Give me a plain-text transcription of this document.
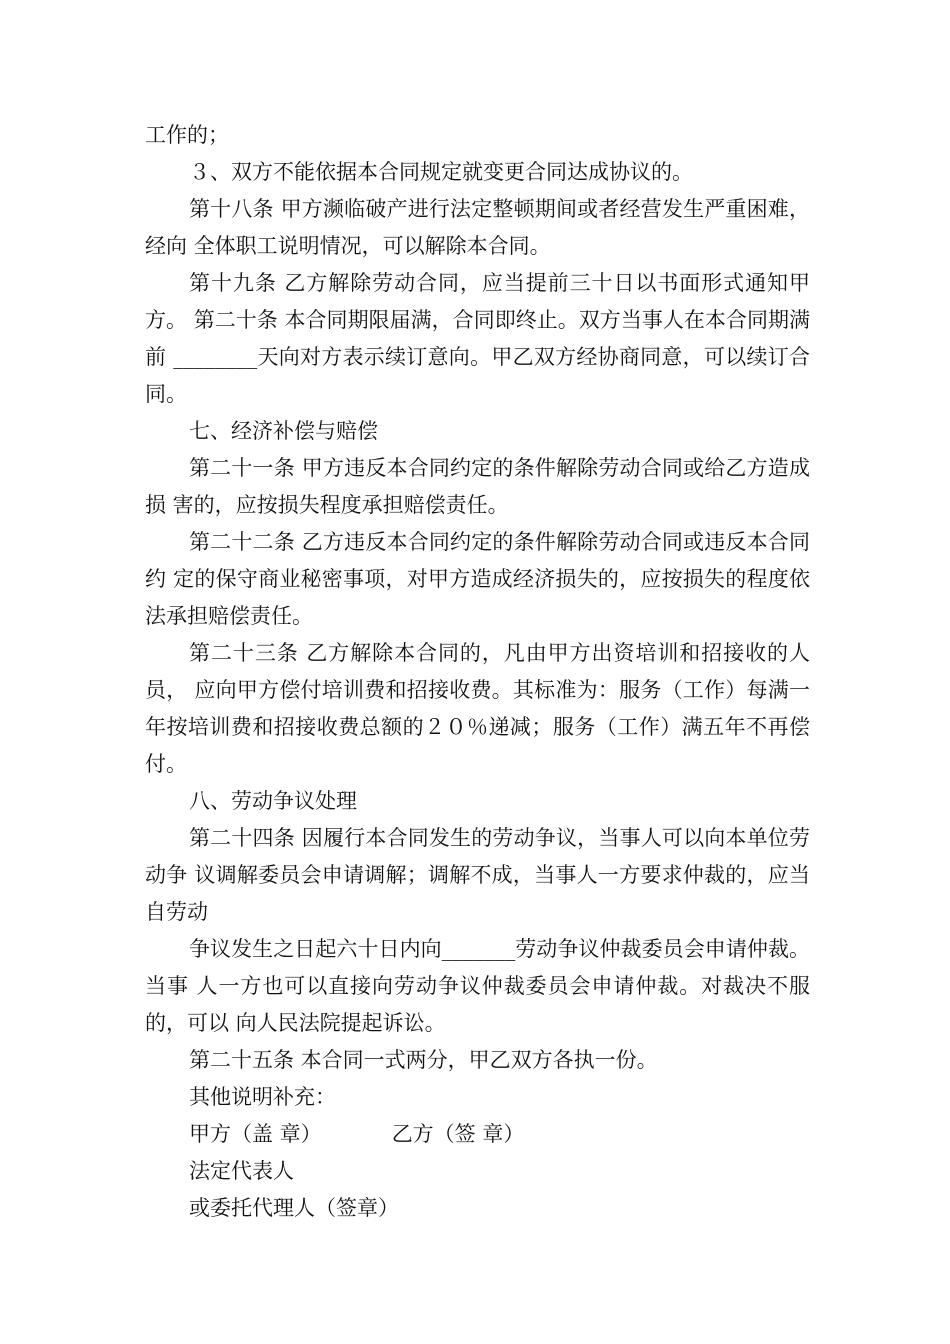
工作的；

３、双方不能依据本合同规定就变更合同达成协议的。

第十八条 甲方濒临破产进行法定整顿期间或者经营发生严重困难，经向 全体职工说明情况，可以解除本合同。

第十九条 乙方解除劳动合同，应当提前三十日以书面形式通知甲方。 第二十条 本合同期限届满，合同即终止。双方当事人在本合同期满前 ________天向对方表示续订意向。甲乙双方经协商同意，可以续订合同。

七、经济补偿与赔偿

第二十一条 甲方违反本合同约定的条件解除劳动合同或给乙方造成损 害的，应按损失程度承担赔偿责任。

第二十二条 乙方违反本合同约定的条件解除劳动合同或违反本合同约 定的保守商业秘密事项，对甲方造成经济损失的，应按损失的程度依法承担赔偿责任。

第二十三条 乙方解除本合同的，凡由甲方出资培训和招接收的人员， 应向甲方偿付培训费和招接收费。其标准为：服务（工作）每满一年按培训费和招接收费总额的２０％递减；服务（工作）满五年不再偿付。

八、劳动争议处理

第二十四条 因履行本合同发生的劳动争议，当事人可以向本单位劳动争 议调解委员会申请调解；调解不成，当事人一方要求仲裁的，应当自劳动

争议发生之日起六十日内向_______劳动争议仲裁委员会申请仲裁。当事 人一方也可以直接向劳动争议仲裁委员会申请仲裁。对裁决不服的，可以 向人民法院提起诉讼。

第二十五条 本合同一式两分，甲乙双方各执一份。

其他说明补充：

甲方（盖 章）	乙方（签 章）

法定代表人

或委托代理人（签章）
